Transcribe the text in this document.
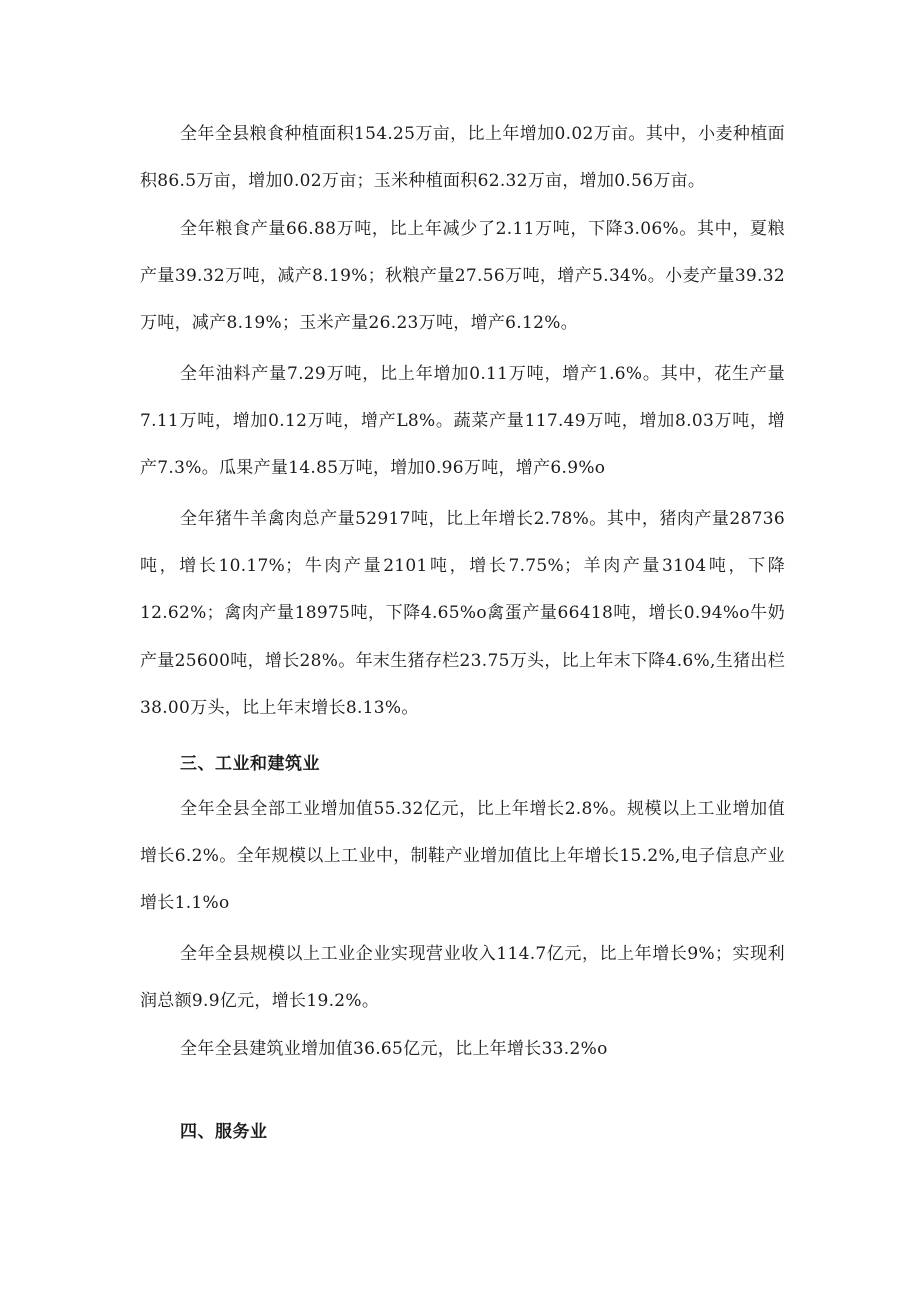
全年全县粮食种植面积154.25万亩，比上年增加0.02万亩。其中，小麦种植面积86.5万亩，增加0.02万亩；玉米种植面积62.32万亩，增加0.56万亩。

全年粮食产量66.88万吨，比上年减少了2.11万吨，下降3.06%。其中，夏粮产量39.32万吨，减产8.19%；秋粮产量27.56万吨，增产5.34%。小麦产量39.32万吨，减产8.19%；玉米产量26.23万吨，增产6.12%。

全年油料产量7.29万吨，比上年增加0.11万吨，增产1.6%。其中，花生产量7.11万吨，增加0.12万吨，增产L8%。蔬菜产量117.49万吨，增加8.03万吨，增产7.3%。瓜果产量14.85万吨，增加0.96万吨，增产6.9%o

全年猪牛羊禽肉总产量52917吨，比上年增长2.78%。其中，猪肉产量28736吨，增长10.17%；牛肉产量2101吨，增长7.75%；羊肉产量3104吨，下降12.62%；禽肉产量18975吨，下降4.65%o禽蛋产量66418吨，增长0.94%o牛奶产量25600吨，增长28%。年末生猪存栏23.75万头，比上年末下降4.6%,生猪出栏38.00万头，比上年末增长8.13%。

三、工业和建筑业

全年全县全部工业增加值55.32亿元，比上年增长2.8%。规模以上工业增加值增长6.2%。全年规模以上工业中，制鞋产业增加值比上年增长15.2%,电子信息产业增长1.1%o

全年全县规模以上工业企业实现营业收入114.7亿元，比上年增长9%；实现利润总额9.9亿元，增长19.2%。

全年全县建筑业增加值36.65亿元，比上年增长33.2%o

四、服务业
